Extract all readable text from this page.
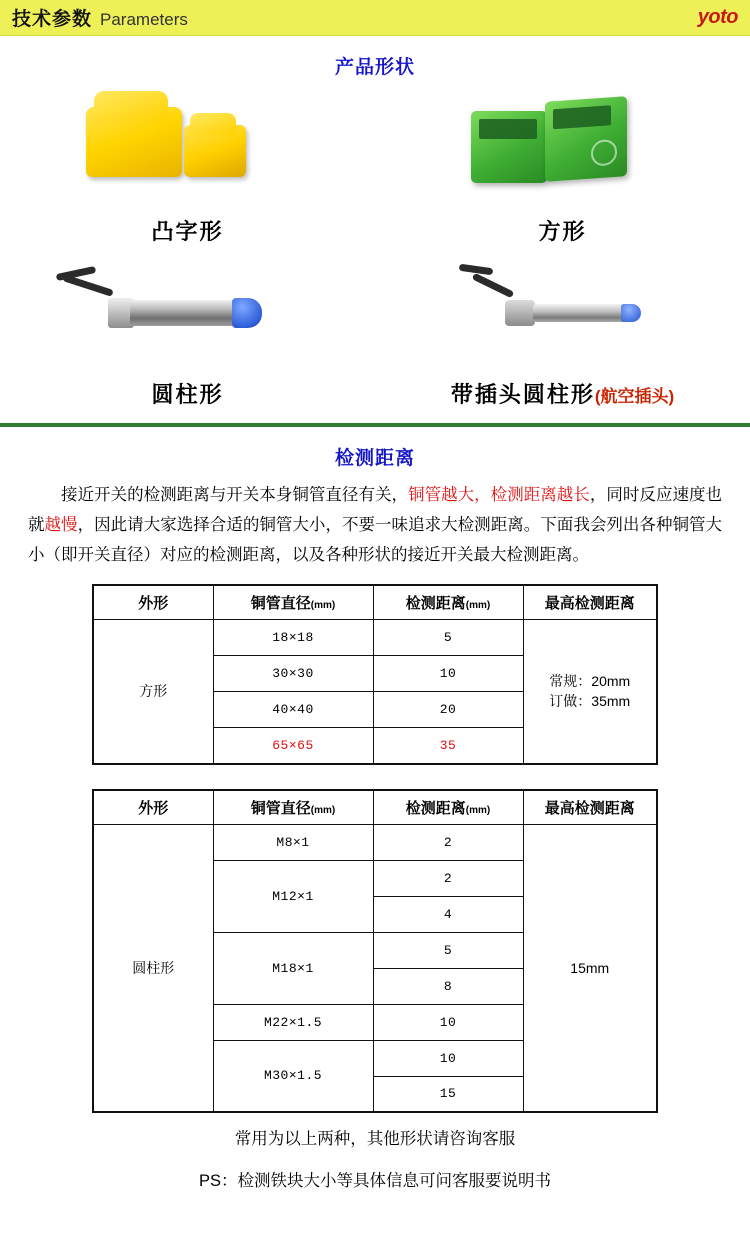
技术参数 Parameters	yoto
产品形状
凸字形	方形
圆柱形	带插头圆柱形(航空插头)
检测距离
接近开关的检测距离与开关本身铜管直径有关，铜管越大，检测距离越长，同时反应速度也就越慢，因此请大家选择合适的铜管大小，不要一味追求大检测距离。下面我会列出各种铜管大小（即开关直径）对应的检测距离，以及各种形状的接近开关最大检测距离。
外形	铜管直径(mm)	检测距离(mm)	最高检测距离
方形	18×18	5	常规：20mm
订做：35mm

	30×30	10	
	40×40	20	
	65×65	35	
外形	铜管直径(mm)	检测距离(mm)	最高检测距离
圆柱形	M8×1	2	15mm
	M12×1	2	
		4	
	M18×1	5	
		8	
	M22×1.5	10	
	M30×1.5	10	
		15	
常用为以上两种，其他形状请咨询客服
PS：检测铁块大小等具体信息可问客服要说明书
